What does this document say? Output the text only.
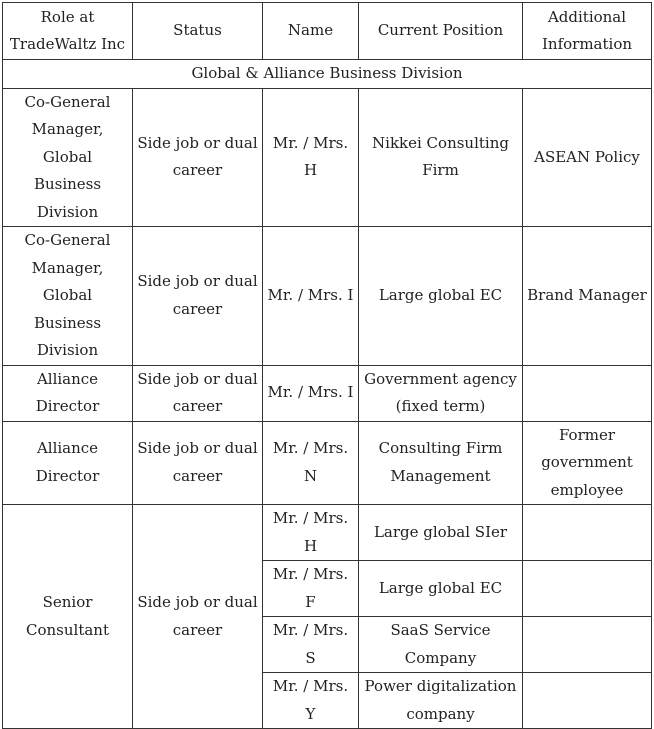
Role at TradeWaltz Inc	Status	Name	Current Position	Additional Information
Global & Alliance Business Division				
Co-General Manager, Global Business Division	Side job or dual career	Mr. / Mrs. H	Nikkei Consulting Firm	ASEAN Policy
Co-General Manager, Global Business Division	Side job or dual career	Mr. / Mrs. I	Large global EC	Brand Manager
Alliance Director	Side job or dual career	Mr. / Mrs. I	Government agency (fixed term)	
Alliance Director	Side job or dual career	Mr. / Mrs. N	Consulting Firm Management	Former government employee
Senior Consultant	Side job or dual career	Mr. / Mrs. H	Large global SIer	
		Mr. / Mrs. F	Large global EC	
		Mr. / Mrs. S	SaaS Service Company	
		Mr. / Mrs. Y	Power digitalization company	
